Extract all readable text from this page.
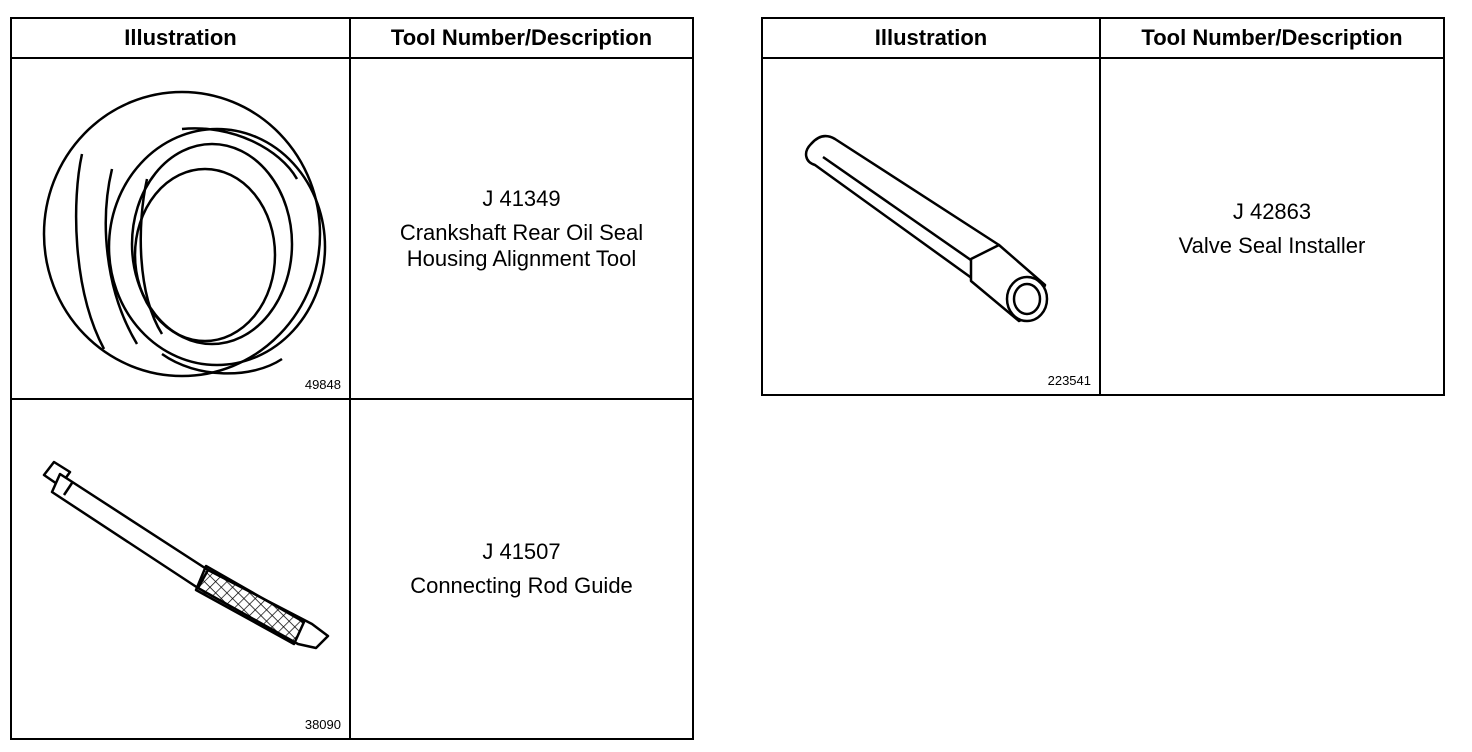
Illustration	Tool Number/Description

49848	J 41349
Crankshaft Rear Oil Seal
Housing Alignment Tool

38090	J 41507
Connecting Rod Guide
Illustration	Tool Number/Description

223541	J 42863
Valve Seal Installer
